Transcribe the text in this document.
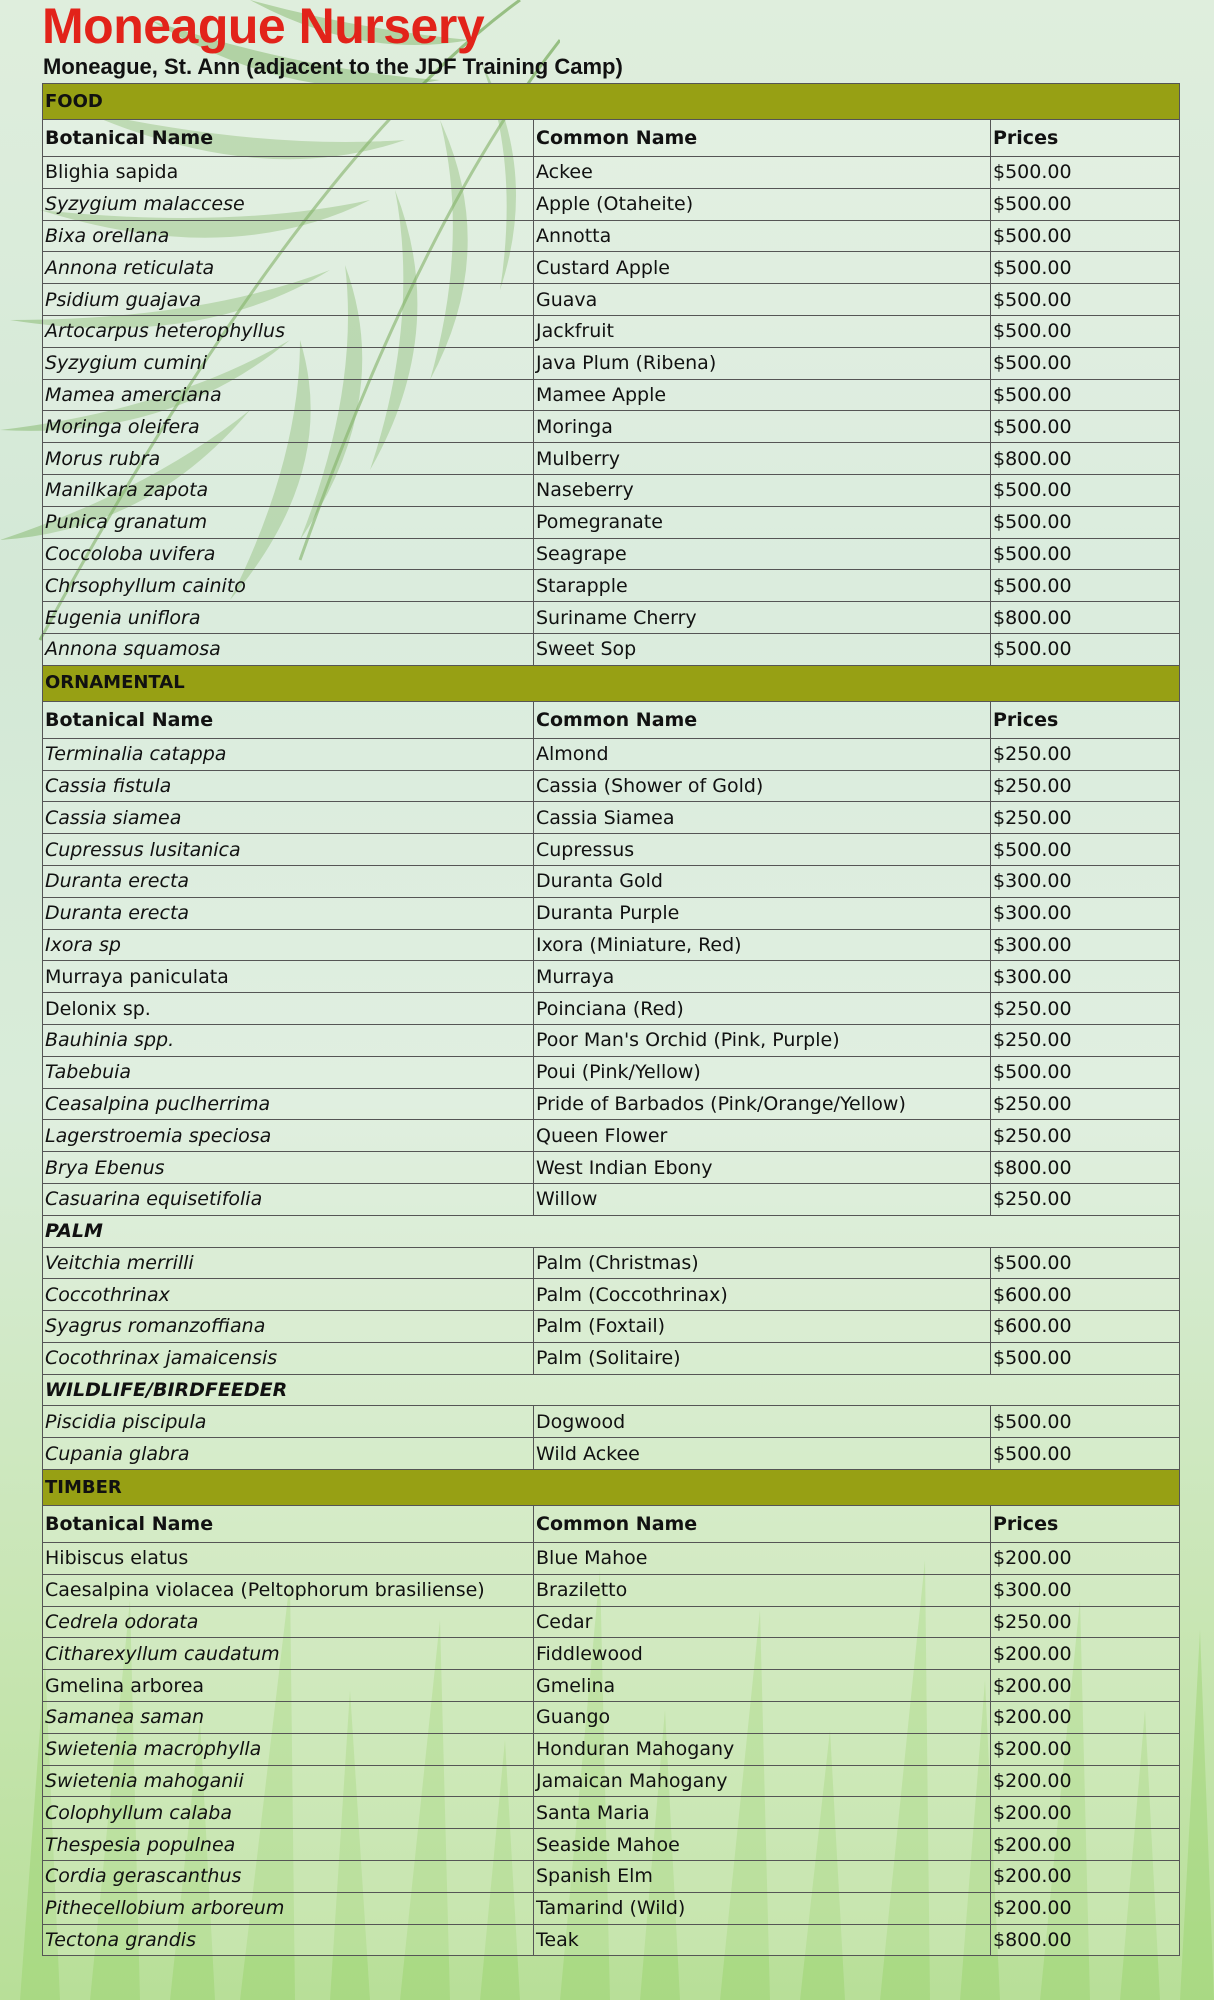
Moneague Nursery
Moneague, St. Ann (adjacent to the JDF Training Camp)
FOOD		
Botanical Name	Common Name	Prices
Blighia sapida	Ackee	$500.00
Syzygium malaccese	Apple (Otaheite)	$500.00
Bixa orellana	Annotta	$500.00
Annona reticulata	Custard Apple	$500.00
Psidium guajava	Guava	$500.00
Artocarpus heterophyllus	Jackfruit	$500.00
Syzygium cumini	Java Plum (Ribena)	$500.00
Mamea amerciana	Mamee Apple	$500.00
Moringa oleifera	Moringa	$500.00
Morus rubra	Mulberry	$800.00
Manilkara zapota	Naseberry	$500.00
Punica granatum	Pomegranate	$500.00
Coccoloba uvifera	Seagrape	$500.00
Chrsophyllum cainito	Starapple	$500.00
Eugenia uniflora	Suriname Cherry	$800.00
Annona squamosa	Sweet Sop	$500.00
ORNAMENTAL		
Botanical Name	Common Name	Prices
Terminalia catappa	Almond	$250.00
Cassia fistula	Cassia (Shower of Gold)	$250.00
Cassia siamea	Cassia Siamea	$250.00
Cupressus lusitanica	Cupressus	$500.00
Duranta erecta	Duranta Gold	$300.00
Duranta erecta	Duranta Purple	$300.00
Ixora sp	Ixora (Miniature, Red)	$300.00
Murraya paniculata	Murraya	$300.00
Delonix sp.	Poinciana (Red)	$250.00
Bauhinia spp.	Poor Man's Orchid (Pink, Purple)	$250.00
Tabebuia	Poui (Pink/Yellow)	$500.00
Ceasalpina puclherrima	Pride of Barbados (Pink/Orange/Yellow)	$250.00
Lagerstroemia speciosa	Queen Flower	$250.00
Brya Ebenus	West Indian Ebony	$800.00
Casuarina equisetifolia	Willow	$250.00
PALM		
Veitchia merrilli	Palm (Christmas)	$500.00
Coccothrinax	Palm (Coccothrinax)	$600.00
Syagrus romanzoffiana	Palm (Foxtail)	$600.00
Cocothrinax jamaicensis	Palm (Solitaire)	$500.00
WILDLIFE/BIRDFEEDER		
Piscidia piscipula	Dogwood	$500.00
Cupania glabra	Wild Ackee	$500.00
TIMBER		
Botanical Name	Common Name	Prices
Hibiscus elatus	Blue Mahoe	$200.00
Caesalpina violacea (Peltophorum brasiliense)	Braziletto	$300.00
Cedrela odorata	Cedar	$250.00
Citharexyllum caudatum	Fiddlewood	$200.00
Gmelina arborea	Gmelina	$200.00
Samanea saman	Guango	$200.00
Swietenia macrophylla	Honduran Mahogany	$200.00
Swietenia mahoganii	Jamaican Mahogany	$200.00
Colophyllum calaba	Santa Maria	$200.00
Thespesia populnea	Seaside Mahoe	$200.00
Cordia gerascanthus	Spanish Elm	$200.00
Pithecellobium arboreum	Tamarind (Wild)	$200.00
Tectona grandis	Teak	$800.00
